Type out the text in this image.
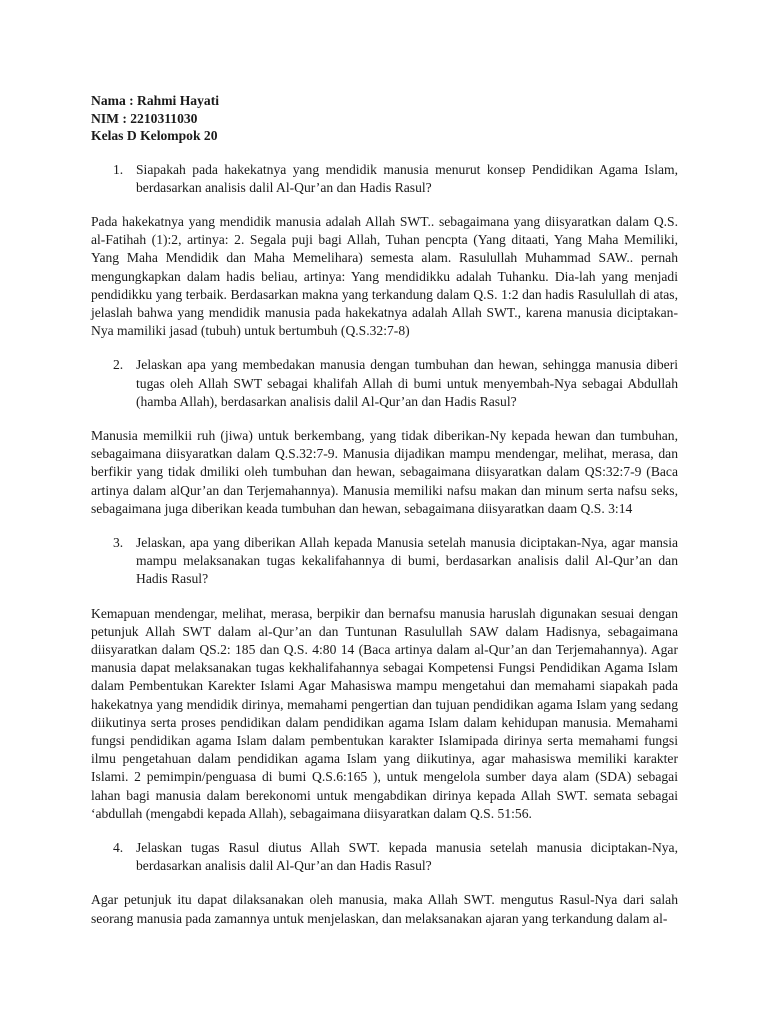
Nama : Rahmi Hayati

NIM : 2210311030

Kelas D Kelompok 20

1. Siapakah pada hakekatnya yang mendidik manusia menurut konsep Pendidikan Agama Islam, berdasarkan analisis dalil Al-Qur’an dan Hadis Rasul?

Pada hakekatnya yang mendidik manusia adalah Allah SWT.. sebagaimana yang diisyaratkan dalam Q.S. al-Fatihah (1):2, artinya: 2. Segala puji bagi Allah, Tuhan pencpta (Yang ditaati, Yang Maha Memiliki, Yang Maha Mendidik dan Maha Memelihara) semesta alam. Rasulullah Muhammad SAW.. pernah mengungkapkan dalam hadis beliau, artinya: Yang mendidikku adalah Tuhanku. Dia-lah yang menjadi pendidikku yang terbaik. Berdasarkan makna yang terkandung dalam Q.S. 1:2 dan hadis Rasulullah di atas, jelaslah bahwa yang mendidik manusia pada hakekatnya adalah Allah SWT., karena manusia diciptakan-Nya mamiliki jasad (tubuh) untuk bertumbuh (Q.S.32:7-8)

2. Jelaskan apa yang membedakan manusia dengan tumbuhan dan hewan, sehingga manusia diberi tugas oleh Allah SWT sebagai khalifah Allah di bumi untuk menyembah-Nya sebagai Abdullah (hamba Allah), berdasarkan analisis dalil Al-Qur’an dan Hadis Rasul?

Manusia memilkii ruh (jiwa) untuk berkembang, yang tidak diberikan-Ny kepada hewan dan tumbuhan, sebagaimana diisyaratkan dalam Q.S.32:7-9. Manusia dijadikan mampu mendengar, melihat, merasa, dan berfikir yang tidak dmiliki oleh tumbuhan dan hewan, sebagaimana diisyaratkan dalam QS:32:7-9 (Baca artinya dalam alQur’an dan Terjemahannya). Manusia memiliki nafsu makan dan minum serta nafsu seks, sebagaimana juga diberikan keada tumbuhan dan hewan, sebagaimana diisyaratkan daam Q.S. 3:14

3. Jelaskan, apa yang diberikan Allah kepada Manusia setelah manusia diciptakan-Nya, agar mansia mampu melaksanakan tugas kekalifahannya di bumi, berdasarkan analisis dalil Al-Qur’an dan Hadis Rasul?

Kemapuan mendengar, melihat, merasa, berpikir dan bernafsu manusia haruslah digunakan sesuai dengan petunjuk Allah SWT dalam al-Qur’an dan Tuntunan Rasulullah SAW dalam Hadisnya, sebagaimana diisyaratkan dalam QS.2: 185 dan Q.S. 4:80 14 (Baca artinya dalam al-Qur’an dan Terjemahannya). Agar manusia dapat melaksanakan tugas kekhalifahannya sebagai Kompetensi Fungsi Pendidikan Agama Islam dalam Pembentukan Karekter Islami Agar Mahasiswa mampu mengetahui dan memahami siapakah pada hakekatnya yang mendidik dirinya, memahami pengertian dan tujuan pendidikan agama Islam yang sedang diikutinya serta proses pendidikan dalam pendidikan agama Islam dalam kehidupan manusia. Memahami fungsi pendidikan agama Islam dalam pembentukan karakter Islamipada dirinya serta memahami fungsi ilmu pengetahuan dalam pendidikan agama Islam yang diikutinya, agar mahasiswa memiliki karakter Islami. 2 pemimpin/penguasa di bumi Q.S.6:165 ), untuk mengelola sumber daya alam (SDA) sebagai lahan bagi manusia dalam berekonomi untuk mengabdikan dirinya kepada Allah SWT. semata sebagai ‘abdullah (mengabdi kepada Allah), sebagaimana diisyaratkan dalam Q.S. 51:56.

4. Jelaskan tugas Rasul diutus Allah SWT. kepada manusia setelah manusia diciptakan-Nya, berdasarkan analisis dalil Al-Qur’an dan Hadis Rasul?

Agar petunjuk itu dapat dilaksanakan oleh manusia, maka Allah SWT. mengutus Rasul-Nya dari salah seorang manusia pada zamannya untuk menjelaskan, dan melaksanakan ajaran yang terkandung dalam al-
